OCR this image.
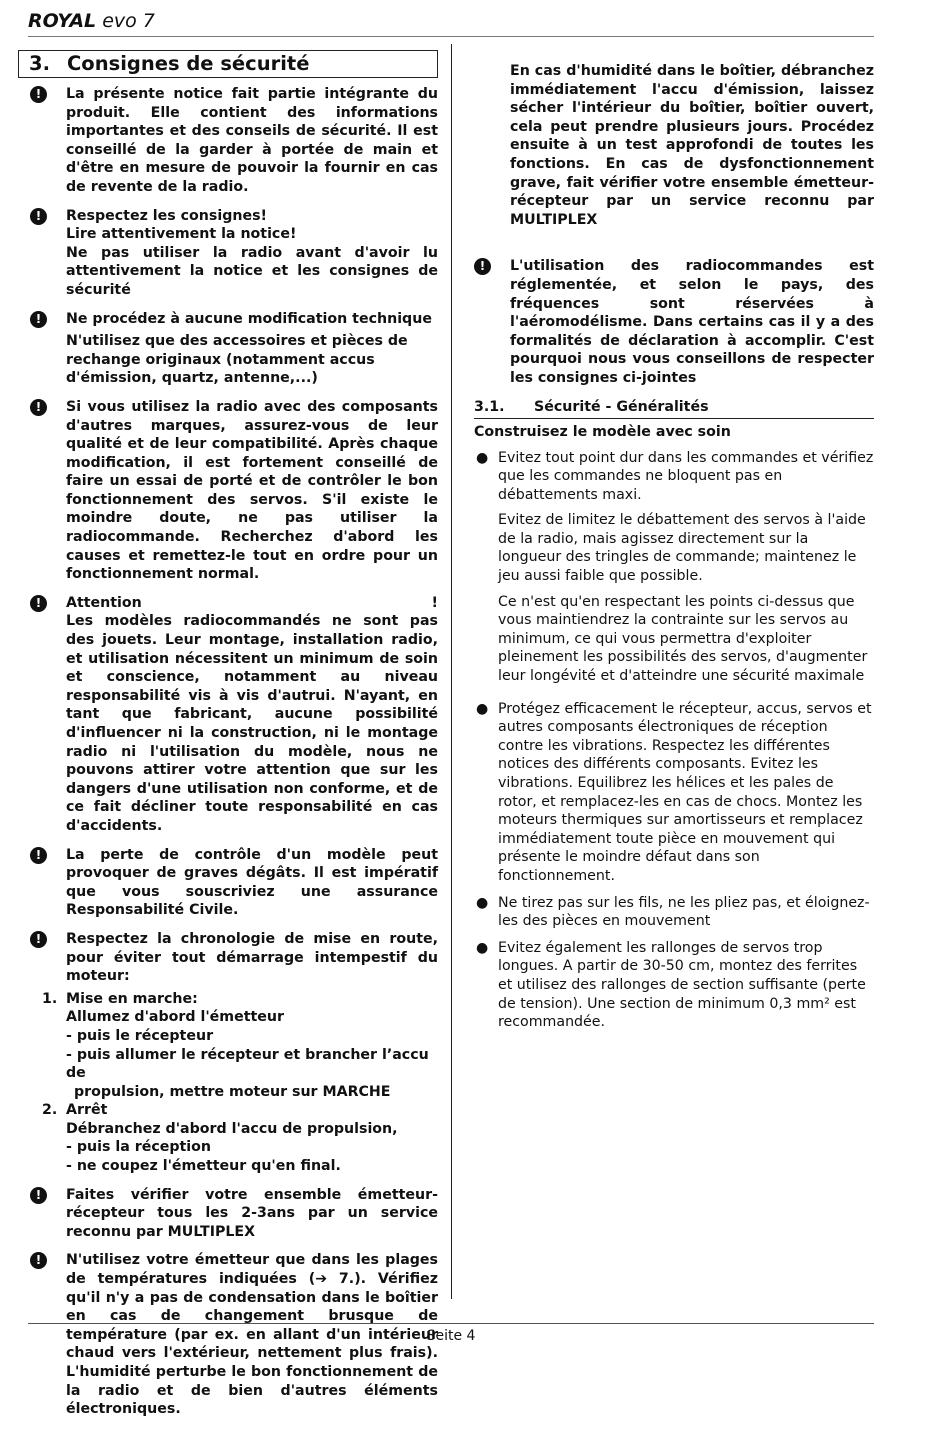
ROYAL evo 7
3. Consignes de sécurité
!	La présente notice fait partie intégrante du produit. Elle contient des informations importantes et des conseils de sécurité. Il est conseillé de la garder à portée de main et d'être en mesure de pouvoir la fournir en cas de revente de la radio.
!	Respectez les consignes!
Lire attentivement la notice!
Ne pas utiliser la radio avant d'avoir lu attentivement la notice et les consignes de sécurité
!	Ne procédez à aucune modification technique
N'utilisez que des accessoires et pièces de rechange originaux (notamment accus d'émission, quartz, antenne,...)
!	Si vous utilisez la radio avec des composants d'autres marques, assurez-vous de leur qualité et de leur compatibilité. Après chaque modification, il est fortement conseillé de faire un essai de porté et de contrôler le bon fonctionnement des servos. S'il existe le moindre doute, ne pas utiliser la radiocommande. Recherchez d'abord les causes et remettez-le tout en ordre pour un fonctionnement normal.
!	Attention	!
Les modèles radiocommandés ne sont pas des jouets. Leur montage, installation radio, et utilisation nécessitent un minimum de soin et conscience, notamment au niveau responsabilité vis à vis d'autrui. N'ayant, en tant que fabricant, aucune possibilité d'influencer ni la construction, ni le montage radio ni l'utilisation du modèle, nous ne pouvons attirer votre attention que sur les dangers d'une utilisation non conforme, et de ce fait décliner toute responsabilité en cas d'accidents.
!	La perte de contrôle d'un modèle peut provoquer de graves dégâts. Il est impératif que vous souscriviez une assurance Responsabilité Civile.
!	Respectez la chronologie de mise en route, pour éviter tout démarrage intempestif du moteur:
1. Mise en marche:
Allumez d'abord l'émetteur
- puis le récepteur
- puis allumer le récepteur et brancher l’accu de
propulsion, mettre moteur sur MARCHE
2. Arrêt
Débranchez d'abord l'accu de propulsion,
- puis la réception
- ne coupez l'émetteur qu'en final.
!	Faites vérifier votre ensemble émetteur-récepteur tous les 2-3ans par un service reconnu par MULTIPLEX
!	N'utilisez votre émetteur que dans les plages de températures indiquées (➔ 7.). Vérifiez qu'il n'y a pas de condensation dans le boîtier en cas de changement brusque de température (par ex. en allant d'un intérieur chaud vers l'extérieur, nettement plus frais). L'humidité perturbe le bon fonctionnement de la radio et de bien d'autres éléments électroniques.
En cas d'humidité dans le boîtier, débranchez immédiatement l'accu d'émission, laissez sécher l'intérieur du boîtier, boîtier ouvert, cela peut prendre plusieurs jours. Procédez ensuite à un test approfondi de toutes les fonctions. En cas de dysfonctionnement grave, fait vérifier votre ensemble émetteur-récepteur par un service reconnu par MULTIPLEX
!	L'utilisation des radiocommandes est réglementée, et selon le pays, des fréquences sont réservées à l'aéromodélisme. Dans certains cas il y a des formalités de déclaration à accomplir. C'est pourquoi nous vous conseillons de respecter les consignes ci-jointes
3.1.	Sécurité - Généralités
Construisez le modèle avec soin
● Evitez tout point dur dans les commandes et vérifiez que les commandes ne bloquent pas en débattements maxi.
Evitez de limitez le débattement des servos à l'aide de la radio, mais agissez directement sur la longueur des tringles de commande; maintenez le jeu aussi faible que possible.
Ce n'est qu'en respectant les points ci-dessus que vous maintiendrez la contrainte sur les servos au minimum, ce qui vous permettra d'exploiter pleinement les possibilités des servos, d'augmenter leur longévité et d'atteindre une sécurité maximale
● Protégez efficacement le récepteur, accus, servos et autres composants électroniques de réception contre les vibrations. Respectez les différentes notices des différents composants. Evitez les vibrations. Equilibrez les hélices et les pales de rotor, et remplacez-les en cas de chocs. Montez les moteurs thermiques sur amortisseurs et remplacez immédiatement toute pièce en mouvement qui présente le moindre défaut dans son fonctionnement.
● Ne tirez pas sur les fils, ne les pliez pas, et éloignez-les des pièces en mouvement
● Evitez également les rallonges de servos trop longues. A partir de 30-50 cm, montez des ferrites et utilisez des rallonges de section suffisante (perte de tension). Une section de minimum 0,3 mm² est recommandée.
Seite 4
